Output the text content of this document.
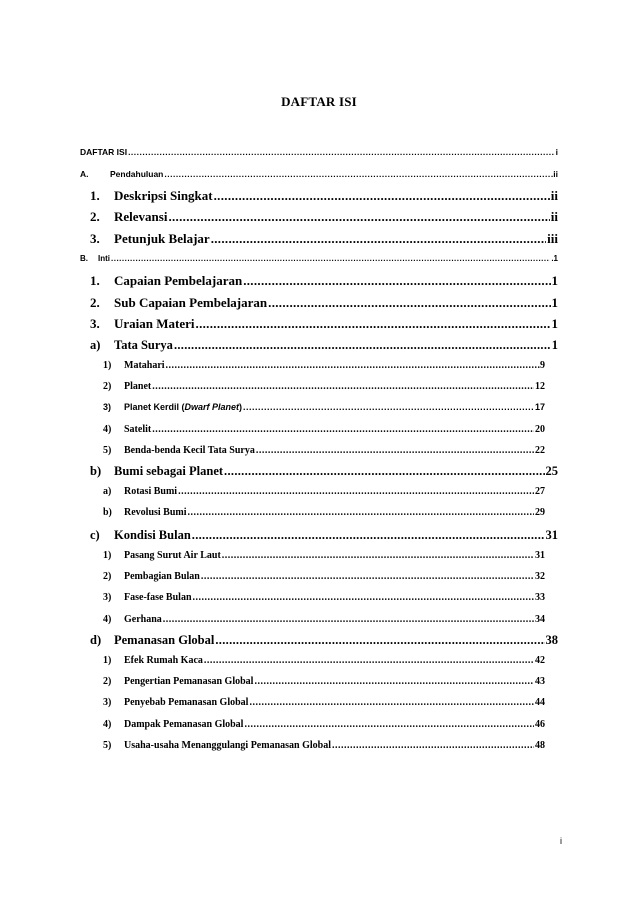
DAFTAR ISI
DAFTAR ISI .....	i
A.	Pendahuluan .....	.ii
1.	Deskripsi Singkat .....	ii
2.	Relevansi .....	ii
3.	Petunjuk Belajar .....	iii
B.	Inti .....	.1
1.	Capaian Pembelajaran .....	1
2.	Sub Capaian Pembelajaran .....	1
3.	Uraian Materi .....	1
a)	Tata Surya .....	1
1)	Matahari .....	.9
2)	Planet .....	12
3)	Planet Kerdil (Dwarf Planet) .....	17
4)	Satelit .....	20
5)	Benda-benda Kecil Tata Surya .....	22
b)	Bumi sebagai Planet .....	25
a)	Rotasi Bumi .....	27
b)	Revolusi Bumi .....	29
c)	Kondisi Bulan .....	31
1)	Pasang Surut Air Laut .....	31
2)	Pembagian Bulan .....	32
3)	Fase-fase Bulan .....	33
4)	Gerhana .....	34
d)	Pemanasan Global .....	38
1)	Efek Rumah Kaca .....	42
2)	Pengertian Pemanasan Global .....	43
3)	Penyebab Pemanasan Global .....	44
4)	Dampak Pemanasan Global .....	46
5)	Usaha-usaha Menanggulangi Pemanasan Global .....	48
i
